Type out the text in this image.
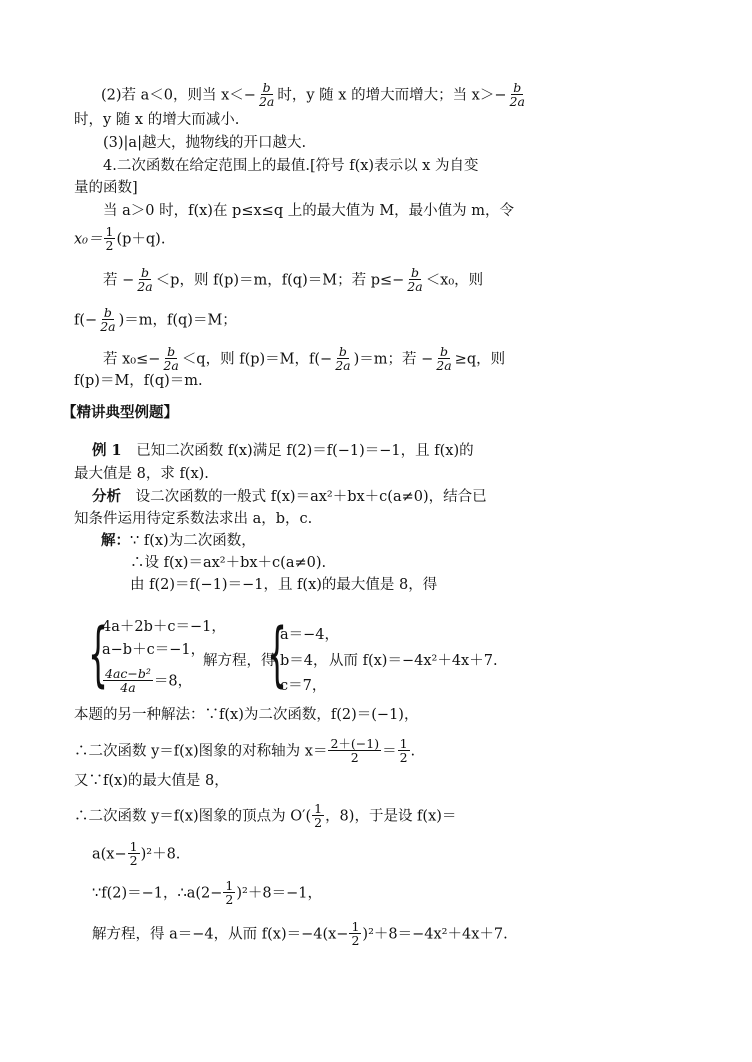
(2)若 a＜0，则当 $x<- \frac{b}{2a}$ 时，y 随 x 的增大而增大；当 $x>- \frac{b}{2a}$
时，y 随 x 的增大而减小.
(3)|a|越大，抛物线的开口越大.
4.二次函数在给定范围上的最值.[符号 f(x)表示以 x 为自变
量的函数]
当 a＞0 时，f(x)在 p≤x≤q 上的最大值为 M，最小值为 m，令
$x_0= \frac{1}{2} (p+q)$.
若 − $\frac{b}{2a} <p$，则 f(p)＝m，f(q)＝M；若 $p\le- \frac{b}{2a} <x_0$，则
$f(- \frac{b}{2a} )=m$，f(q)＝M；
若 $x_0\le- \frac{b}{2a} <q$，则 f(p)＝M，$f(- \frac{b}{2a} )=m$；若 − $\frac{b}{2a} \ge q$，则
f(p)＝M，f(q)＝m.
【精讲典型例题】
例 1 已知二次函数 f(x)满足 f(2)＝f(−1)＝−1，且 f(x)的
最大值是 8，求 f(x).
分析 设二次函数的一般式 f(x)＝ax²＋bx＋c(a≠0)，结合已
知条件运用待定系数法求出 a，b，c.
解：∵ f(x)为二次函数，
∴设 f(x)＝ax²＋bx＋c(a≠0).
由 f(2)＝f(−1)＝−1，且 f(x)的最大值是 8，得
{
4a＋2b＋c＝−1，
a−b＋c＝−1，
$\frac{\text{4ac−b²}}{4a} =8$，
解方程，得
{
a＝−4，
b＝4，
c＝7，
从而 f(x)＝−4x²＋4x＋7.
本题的另一种解法：∵f(x)为二次函数，f(2)＝(−1)，
∴二次函数 y＝f(x)图象的对称轴为 $x= \frac{2+(-1)}{2} = \frac{1}{2}$ .
又∵f(x)的最大值是 8，
∴二次函数 y＝f(x)图象的顶点为 $O'( \frac{1}{2}$ ，8)，于是设 f(x)＝
$a(x- \frac{1}{2} )^2+8$.
∵f(2)＝−1，∴a(2− $\frac{1}{2} )^2+8=-1$，
解方程，得 a＝−4，从而 $f(x)=-4(x- \frac{1}{2} )^2+8=-4x^2+4x+7$.
